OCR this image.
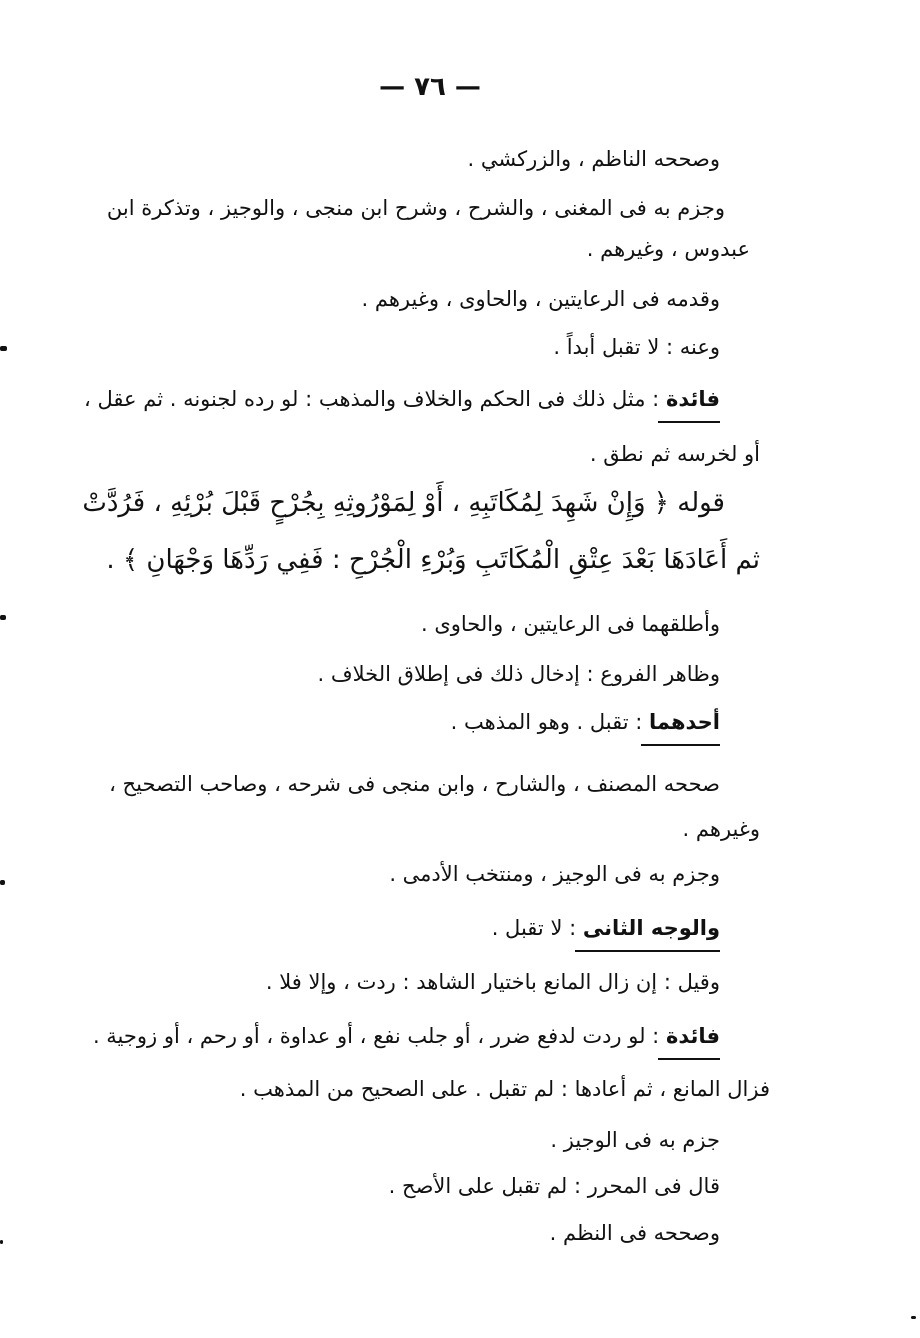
— ٧٦ —
وصححه الناظم ، والزركشي .
وجزم به فى المغنى ، والشرح ، وشرح ابن منجى ، والوجيز ، وتذكرة ابن
عبدوس ، وغيرهم .
وقدمه فى الرعايتين ، والحاوى ، وغيرهم .
وعنه : لا تقبل أبداً .
فائدة : مثل ذلك فى الحكم والخلاف والمذهب : لو رده لجنونه . ثم عقل ،
أو لخرسه ثم نطق .
قوله ﴿ وَإِنْ شَهِدَ لِمُكَاتَبِهِ ، أَوْ لِمَوْرُوثِهِ بِجُرْحٍ قَبْلَ بُرْئِهِ ، فَرُدَّتْ
ثم أَعَادَهَا بَعْدَ عِتْقِ الْمُكَاتَبِ وَبُرْءِ الْجُرْحِ : فَفِي رَدِّهَا وَجْهَانِ ﴾ .
وأطلقهما فى الرعايتين ، والحاوى .
وظاهر الفروع : إدخال ذلك فى إطلاق الخلاف .
أحدهما : تقبل . وهو المذهب .
صححه المصنف ، والشارح ، وابن منجى فى شرحه ، وصاحب التصحيح ،
وغيرهم .
وجزم به فى الوجيز ، ومنتخب الأدمى .
والوجه الثانى : لا تقبل .
وقيل : إن زال المانع باختيار الشاهد : ردت ، وإلا فلا .
فائدة : لو ردت لدفع ضرر ، أو جلب نفع ، أو عداوة ، أو رحم ، أو زوجية .
فزال المانع ، ثم أعادها : لم تقبل . على الصحيح من المذهب .
جزم به فى الوجيز .
قال فى المحرر : لم تقبل على الأصح .
وصححه فى النظم .
